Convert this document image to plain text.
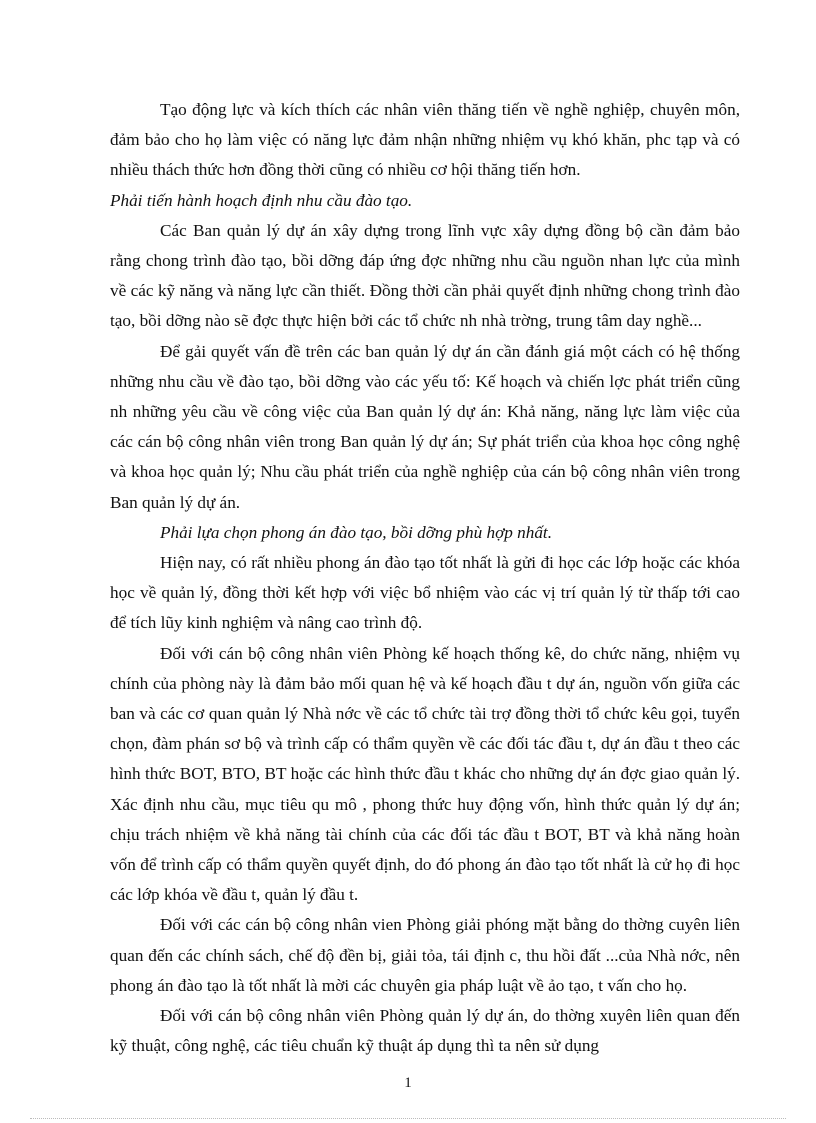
Tạo động lực và kích thích các nhân viên thăng tiến về nghề nghiệp, chuyên môn, đảm bảo cho họ làm việc có năng lực đảm nhận những nhiệm vụ khó khăn, phc tạp và có nhiều thách thức hơn đồng thời cũng có nhiều cơ hội thăng tiến hơn.

Phải tiến hành hoạch định nhu cầu đào tạo.

Các Ban quản lý dự án xây dựng trong lĩnh vực xây dựng đồng bộ cần đảm bảo rằng chong trình đào tạo, bồi dỡng đáp ứng đợc những nhu cầu nguồn nhan lực của mình về các kỹ năng và năng lực cần thiết. Đồng thời cần phải quyết định những chong trình đào tạo, bồi dỡng nào sẽ đợc thực hiện bởi các tổ chức nh nhà trờng, trung tâm day nghề...

Để gải quyết vấn đề trên các ban quản lý dự án cần đánh giá một cách có hệ thống những nhu cầu về đào tạo, bồi dỡng vào các yếu tố: Kế hoạch và chiến lợc phát triển cũng nh những yêu cầu về công việc của Ban quản lý dự án: Khả năng, năng lực làm việc của các cán bộ công nhân viên trong Ban quản lý dự án; Sự phát triển của khoa học công nghệ và khoa học quản lý; Nhu cầu phát triển của nghề nghiệp của cán bộ công nhân viên trong Ban quản lý dự án.

Phải lựa chọn phong án đào tạo, bồi dỡng phù hợp nhất.

Hiện nay, có rất nhiều phong án đào tạo tốt nhất là gửi đi học các lớp hoặc các khóa học về quản lý, đồng thời kết hợp với việc bổ nhiệm vào các vị trí quản lý từ thấp tới cao để tích lũy kinh nghiệm và nâng cao trình độ.

Đối với cán bộ công nhân viên Phòng kế hoạch thống kê, do chức năng, nhiệm vụ chính của phòng này là đảm bảo mối quan hệ và kế hoạch đầu t dự án, nguồn vốn giữa các ban và các cơ quan quản lý Nhà nớc về các tổ chức tài trợ đồng thời tổ chức kêu gọi, tuyển chọn, đàm phán sơ bộ và trình cấp có thẩm quyền về các đối tác đầu t, dự án đầu t theo các hình thức BOT, BTO, BT hoặc các hình thức đầu t khác cho những dự án đợc giao quản lý. Xác định nhu cầu, mục tiêu qu mô , phong thức huy động vốn, hình thức quản lý dự án; chịu trách nhiệm về khả năng tài chính của các đối tác đầu t BOT, BT và khả năng hoàn vốn để trình cấp có thẩm quyền quyết định, do đó phong án đào tạo tốt nhất là cử họ đi học các lớp khóa về đầu t, quản lý đầu t.

Đối với các cán bộ công nhân vien Phòng giải phóng mặt bằng do thờng cuyên liên quan đến các chính sách, chế độ đền bị, giải tỏa, tái định c, thu hồi đất ...của Nhà nớc, nên phong án đào tạo là tốt nhất là mời các chuyên gia pháp luật về ảo tạo, t vấn cho họ.

Đối với cán bộ công nhân viên Phòng quản lý dự án, do thờng xuyên liên quan đến kỹ thuật, công nghệ, các tiêu chuẩn kỹ thuật áp dụng thì ta nên sử dụng

1
